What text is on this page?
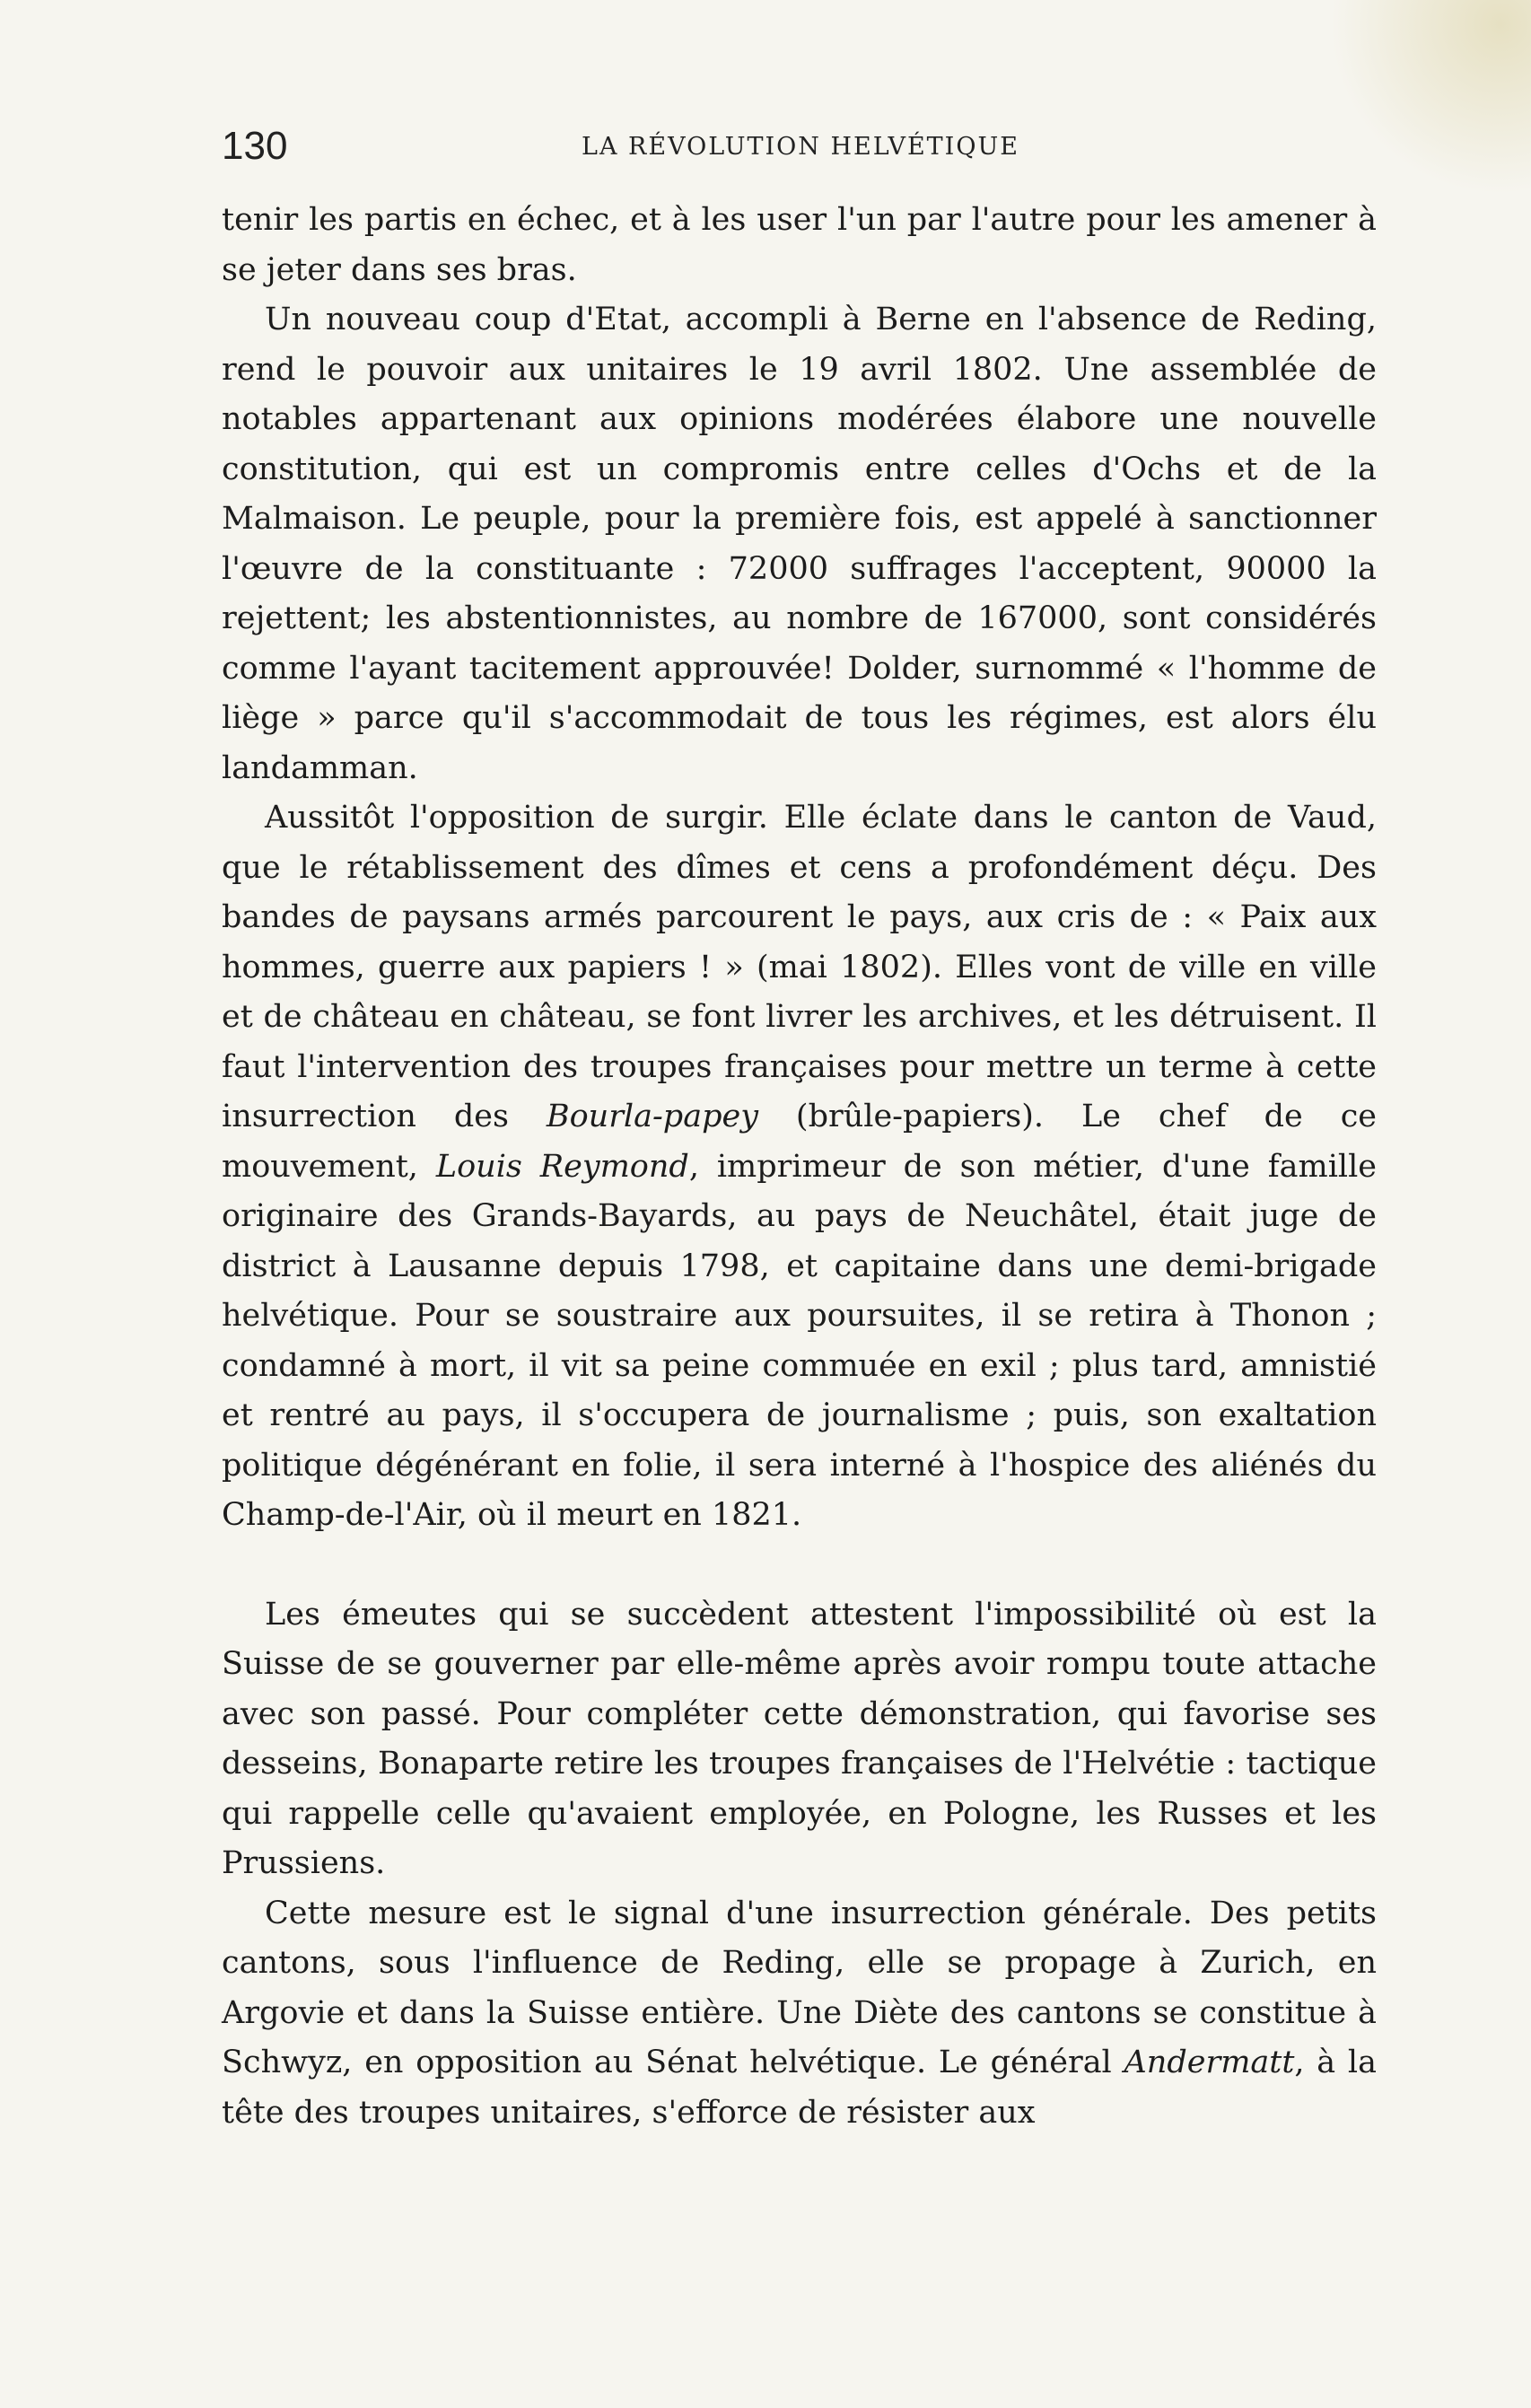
130	LA RÉVOLUTION HELVÉTIQUE

tenir les partis en échec, et à les user l'un par l'autre pour les amener à se jeter dans ses bras.

Un nouveau coup d'Etat, accompli à Berne en l'absence de Reding, rend le pouvoir aux unitaires le 19 avril 1802. Une assemblée de notables appartenant aux opinions modérées élabore une nouvelle constitution, qui est un compromis entre celles d'Ochs et de la Malmaison. Le peuple, pour la première fois, est appelé à sanctionner l'œuvre de la constituante : 72000 suffrages l'acceptent, 90000 la rejettent; les abstentionnistes, au nombre de 167000, sont considérés comme l'ayant tacitement approuvée! Dolder, surnommé « l'homme de liège » parce qu'il s'accommodait de tous les régimes, est alors élu landamman.

Aussitôt l'opposition de surgir. Elle éclate dans le canton de Vaud, que le rétablissement des dîmes et cens a profondément déçu. Des bandes de paysans armés parcourent le pays, aux cris de : « Paix aux hommes, guerre aux papiers ! » (mai 1802). Elles vont de ville en ville et de château en château, se font livrer les archives, et les détruisent. Il faut l'intervention des troupes françaises pour mettre un terme à cette insurrection des Bourla-papey (brûle-papiers). Le chef de ce mouvement, Louis Reymond, imprimeur de son métier, d'une famille originaire des Grands-Bayards, au pays de Neuchâtel, était juge de district à Lausanne depuis 1798, et capitaine dans une demi-brigade helvétique. Pour se soustraire aux poursuites, il se retira à Thonon ; condamné à mort, il vit sa peine commuée en exil ; plus tard, amnistié et rentré au pays, il s'occupera de journalisme ; puis, son exaltation politique dégénérant en folie, il sera interné à l'hospice des aliénés du Champ-de-l'Air, où il meurt en 1821.

Les émeutes qui se succèdent attestent l'impossibilité où est la Suisse de se gouverner par elle-même après avoir rompu toute attache avec son passé. Pour compléter cette démonstration, qui favorise ses desseins, Bonaparte retire les troupes françaises de l'Helvétie : tactique qui rappelle celle qu'avaient employée, en Pologne, les Russes et les Prussiens.

Cette mesure est le signal d'une insurrection générale. Des petits cantons, sous l'influence de Reding, elle se propage à Zurich, en Argovie et dans la Suisse entière. Une Diète des cantons se constitue à Schwyz, en opposition au Sénat helvétique. Le général Andermatt, à la tête des troupes unitaires, s'efforce de résister aux
